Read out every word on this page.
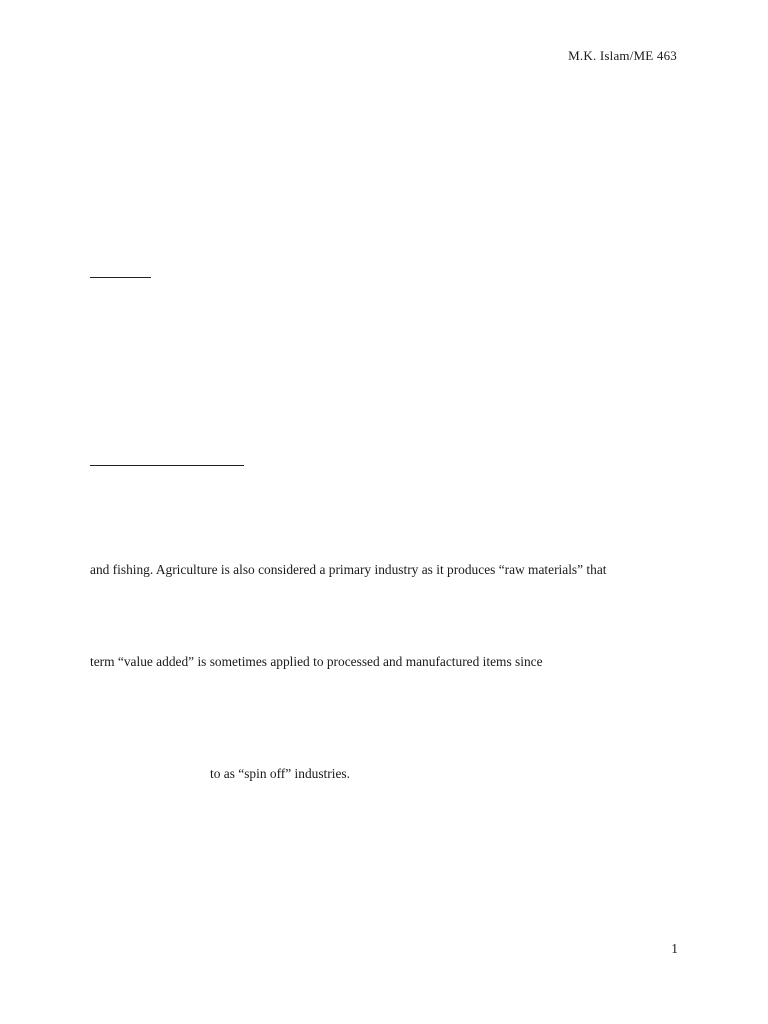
M.K. Islam/ME 463
and fishing. Agriculture is also considered a primary industry as it produces “raw materials” that
term “value added” is sometimes applied to processed and manufactured items since
to as “spin off” industries.
1
